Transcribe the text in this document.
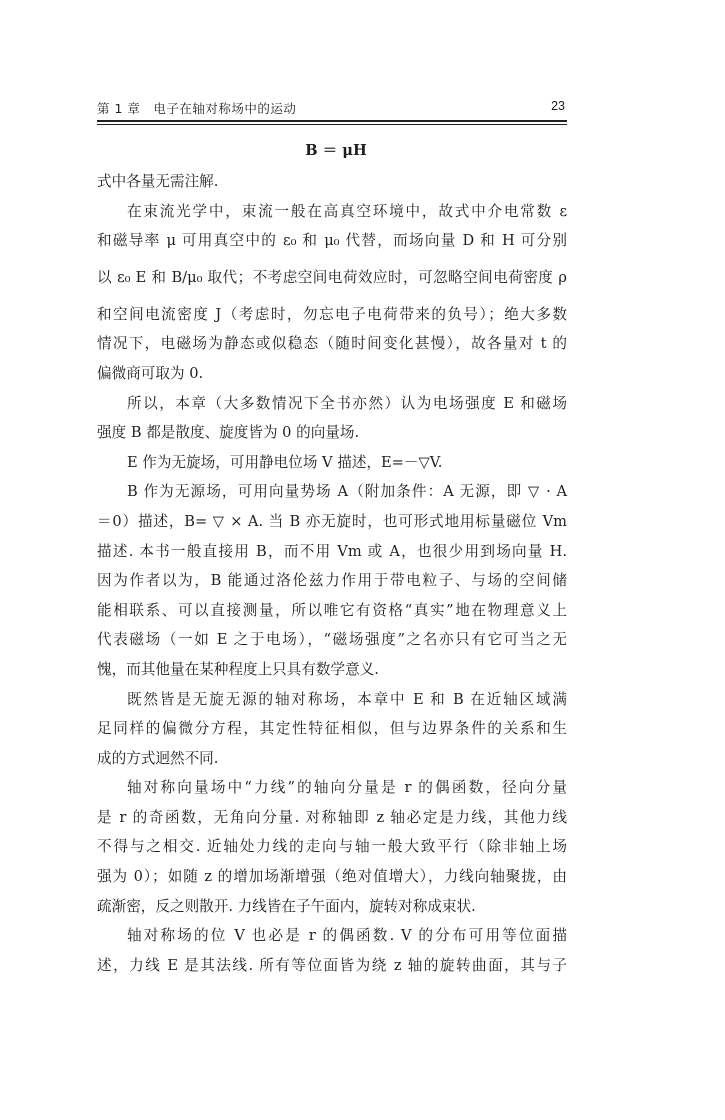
第 1 章　电子在轴对称场中的运动	23
B ＝ μH
式中各量无需注解.
在束流光学中，束流一般在高真空环境中，故式中介电常数 ε
和磁导率 μ 可用真空中的 ε₀ 和 μ₀ 代替，而场向量 D 和 H 可分别
以 ε₀ E 和 B/μ₀ 取代；不考虑空间电荷效应时，可忽略空间电荷密度 ρ
和空间电流密度 J（考虑时，勿忘电子电荷带来的负号）；绝大多数
情况下，电磁场为静态或似稳态（随时间变化甚慢），故各量对 t 的
偏微商可取为 0.
所以，本章（大多数情况下全书亦然）认为电场强度 E 和磁场
强度 B 都是散度、旋度皆为 0 的向量场.
E 作为无旋场，可用静电位场 V 描述，E=－▽V.
B 作为无源场，可用向量势场 A（附加条件：A 无源，即 ▽ · A
＝0）描述，B= ▽ × A. 当 B 亦无旋时，也可形式地用标量磁位 Vm
描述. 本书一般直接用 B，而不用 Vm 或 A，也很少用到场向量 H.
因为作者以为，B 能通过洛伦兹力作用于带电粒子、与场的空间储
能相联系、可以直接测量，所以唯它有资格“真实”地在物理意义上
代表磁场（一如 E 之于电场），“磁场强度”之名亦只有它可当之无
愧，而其他量在某种程度上只具有数学意义.
既然皆是无旋无源的轴对称场，本章中 E 和 B 在近轴区域满
足同样的偏微分方程，其定性特征相似，但与边界条件的关系和生
成的方式迥然不同.
轴对称向量场中“力线”的轴向分量是 r 的偶函数，径向分量
是 r 的奇函数，无角向分量. 对称轴即 z 轴必定是力线，其他力线
不得与之相交. 近轴处力线的走向与轴一般大致平行（除非轴上场
强为 0）；如随 z 的增加场渐增强（绝对值增大），力线向轴聚拢，由
疏渐密，反之则散开. 力线皆在子午面内，旋转对称成束状.
轴对称场的位 V 也必是 r 的偶函数. V 的分布可用等位面描
述，力线 E 是其法线. 所有等位面皆为绕 z 轴的旋转曲面，其与子
